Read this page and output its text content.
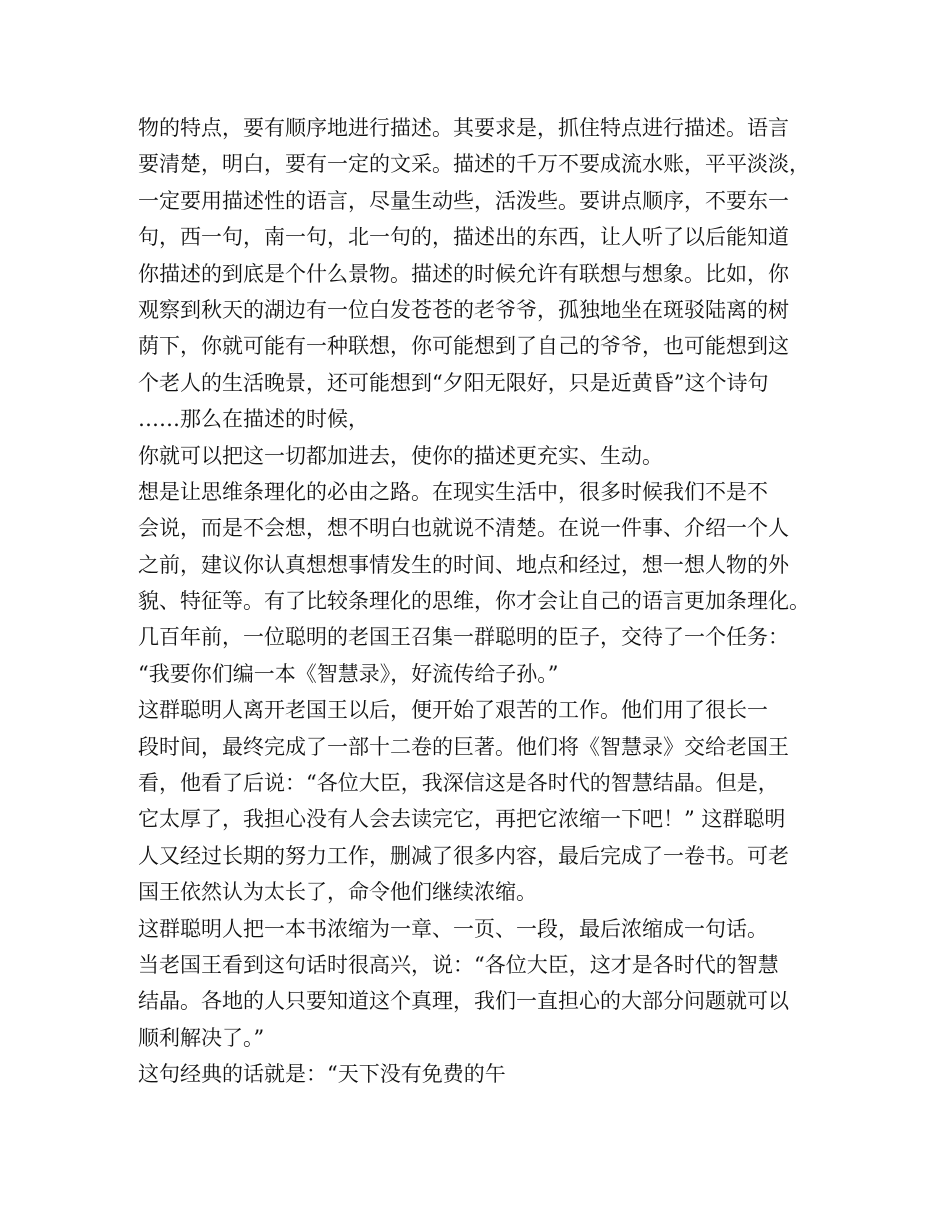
物的特点，要有顺序地进行描述。其要求是，抓住特点进行描述。语言
要清楚，明白，要有一定的文采。描述的千万不要成流水账，平平淡淡，
一定要用描述性的语言，尽量生动些，活泼些。要讲点顺序，不要东一
句，西一句，南一句，北一句的，描述出的东西，让人听了以后能知道
你描述的到底是个什么景物。描述的时候允许有联想与想象。比如，你
观察到秋天的湖边有一位白发苍苍的老爷爷，孤独地坐在斑驳陆离的树
荫下，你就可能有一种联想，你可能想到了自己的爷爷，也可能想到这
个老人的生活晚景，还可能想到“夕阳无限好，只是近黄昏”这个诗句
……那么在描述的时候，
你就可以把这一切都加进去，使你的描述更充实、生动。
想是让思维条理化的必由之路。在现实生活中，很多时候我们不是不
会说，而是不会想，想不明白也就说不清楚。在说一件事、介绍一个人
之前，建议你认真想想事情发生的时间、地点和经过，想一想人物的外
貌、特征等。有了比较条理化的思维，你才会让自己的语言更加条理化。
几百年前，一位聪明的老国王召集一群聪明的臣子，交待了一个任务：
“我要你们编一本《智慧录》，好流传给子孙。”
这群聪明人离开老国王以后，便开始了艰苦的工作。他们用了很长一
段时间，最终完成了一部十二卷的巨著。他们将《智慧录》交给老国王
看，他看了后说：“各位大臣，我深信这是各时代的智慧结晶。但是，
它太厚了，我担心没有人会去读完它，再把它浓缩一下吧！” 这群聪明
人又经过长期的努力工作，删减了很多内容，最后完成了一卷书。可老
国王依然认为太长了，命令他们继续浓缩。
这群聪明人把一本书浓缩为一章、一页、一段，最后浓缩成一句话。
当老国王看到这句话时很高兴，说：“各位大臣，这才是各时代的智慧
结晶。各地的人只要知道这个真理，我们一直担心的大部分问题就可以
顺利解决了。”
这句经典的话就是：“天下没有免费的午
